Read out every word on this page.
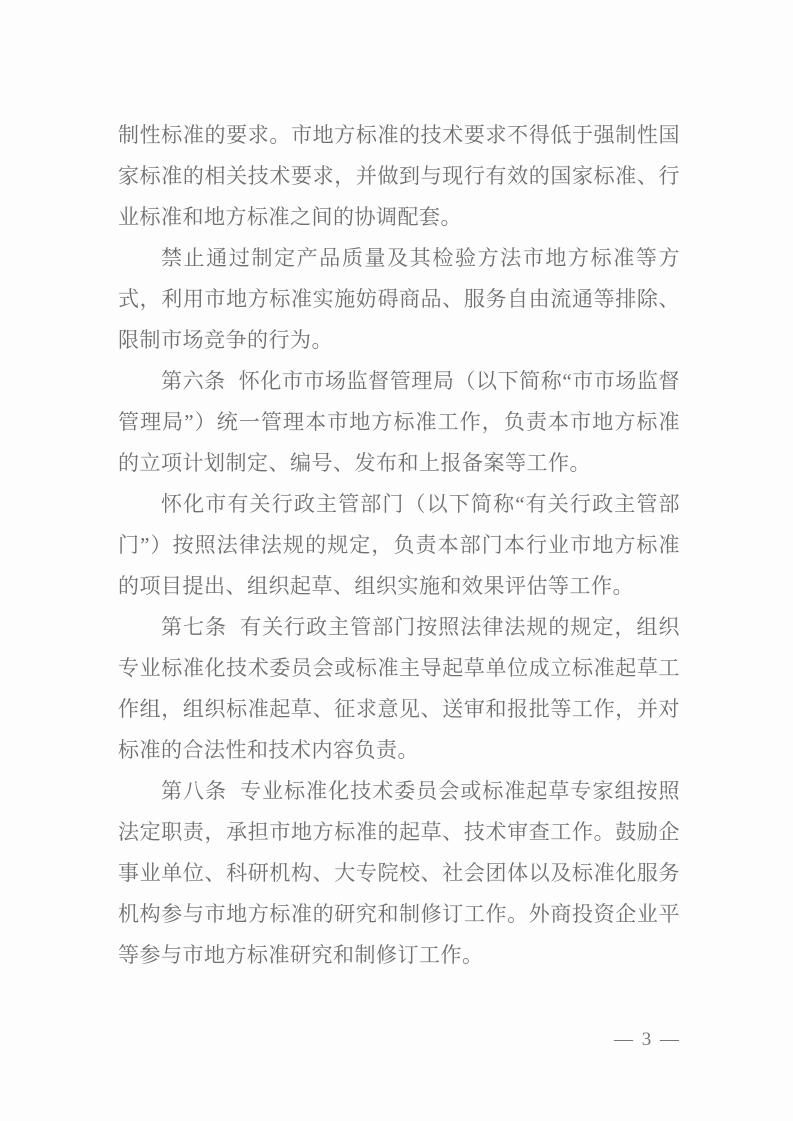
制性标准的要求。市地方标准的技术要求不得低于强制性国家标准的相关技术要求，并做到与现行有效的国家标准、行业标准和地方标准之间的协调配套。

禁止通过制定产品质量及其检验方法市地方标准等方式，利用市地方标准实施妨碍商品、服务自由流通等排除、限制市场竞争的行为。

第六条 怀化市市场监督管理局（以下简称“市市场监督管理局”）统一管理本市地方标准工作，负责本市地方标准的立项计划制定、编号、发布和上报备案等工作。

怀化市有关行政主管部门（以下简称“有关行政主管部门”）按照法律法规的规定，负责本部门本行业市地方标准的项目提出、组织起草、组织实施和效果评估等工作。

第七条 有关行政主管部门按照法律法规的规定，组织专业标准化技术委员会或标准主导起草单位成立标准起草工作组，组织标准起草、征求意见、送审和报批等工作，并对标准的合法性和技术内容负责。

第八条 专业标准化技术委员会或标准起草专家组按照法定职责，承担市地方标准的起草、技术审查工作。鼓励企事业单位、科研机构、大专院校、社会团体以及标准化服务机构参与市地方标准的研究和制修订工作。外商投资企业平等参与市地方标准研究和制修订工作。

— 3 —
